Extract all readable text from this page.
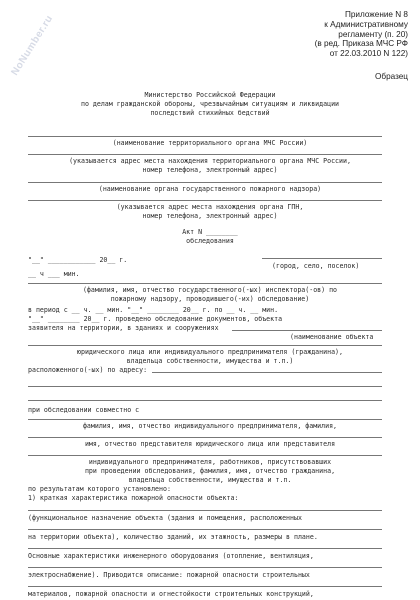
NoNumber.ru	Приложение N 8
к Административному
регламенту (п. 20)
(в ред. Приказа МЧС РФ
от 22.03.2010 N 122)
Образец
Министерство Российской Федерации
по делам гражданской обороны, чрезвычайным ситуациям и ликвидации
последствий стихийных бедствий
(наименование территориального органа МЧС России)
(указывается адрес места нахождения территориального органа МЧС России,
номер телефона, электронный адрес)
(наименование органа государственного пожарного надзора)
(указывается адрес места нахождения органа ГПН,
номер телефона, электронный адрес)
Акт N ________
обследования
"__" ____________ 20__ г.
(город, село, поселок)
__ ч ___ мин.
(фамилия, имя, отчество государственного(-ых) инспектора(-ов) по
пожарному надзору, проводившего(-их) обследование)
в период с __ ч. __ мин. "__" ________ 20__ г. по __ ч. __ мин.
"__" ________ 20__ г. проведено обследование документов, объекта
заявителя на территории, в зданиях и сооружениях
(наименование объекта
юридического лица или индивидуального предпринимателя (гражданина),
владельца собственности, имущества и т.п.)
расположенного(-ых) по адресу:
при обследовании совместно с
фамилия, имя, отчество индивидуального предпринимателя, фамилия,
имя, отчество представителя юридического лица или представителя
индивидуального предпринимателя, работников, присутствовавших
при проведении обследования, фамилия, имя, отчество гражданина,
владельца собственности, имущества и т.п.
по результатам которого установлено:
1) краткая характеристика пожарной опасности объекта:
(функциональное назначение объекта (здания и помещения, расположенных
на территории объекта), количество зданий, их этажность, размеры в плане.
Основные характеристики инженерного оборудования (отопление, вентиляция,
электроснабжение). Приводится описание: пожарной опасности строительных
материалов, пожарной опасности и огнестойкости строительных конструкций,
